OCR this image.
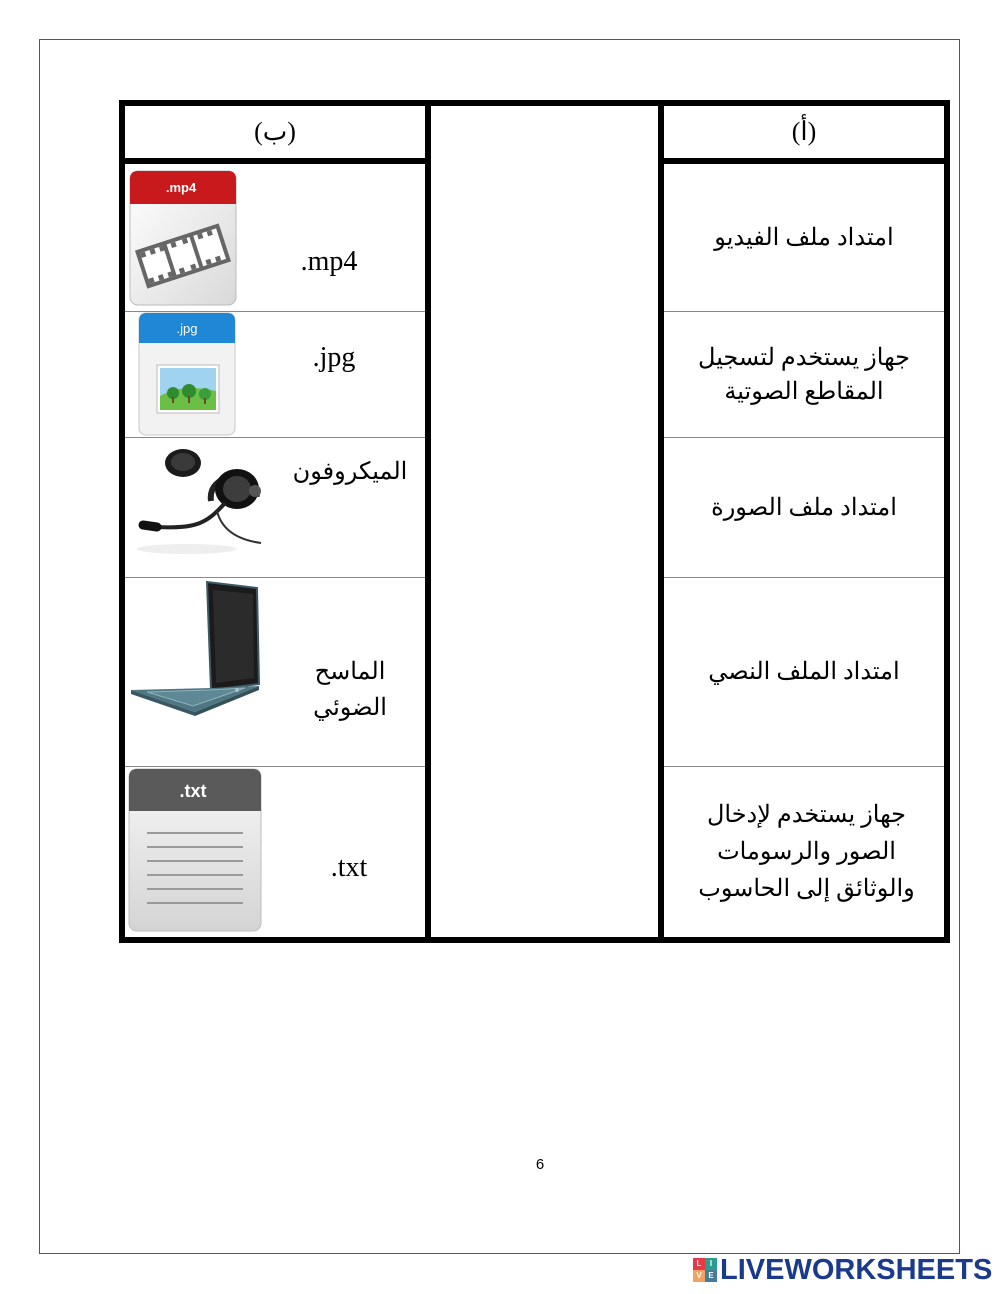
(ب)	(أ)
امتداد ملف الفيديو
جهاز يستخدم لتسجيل المقاطع الصوتية
امتداد ملف الصورة
امتداد الملف النصي
جهاز يستخدم لإدخال الصور والرسومات والوثائق إلى الحاسوب
.mp4
.jpg
الميكروفون
الماسح الضوئي
.txt
.mp4
.jpg
.txt
6
L	I
V E LIVEWORKSHEETS
